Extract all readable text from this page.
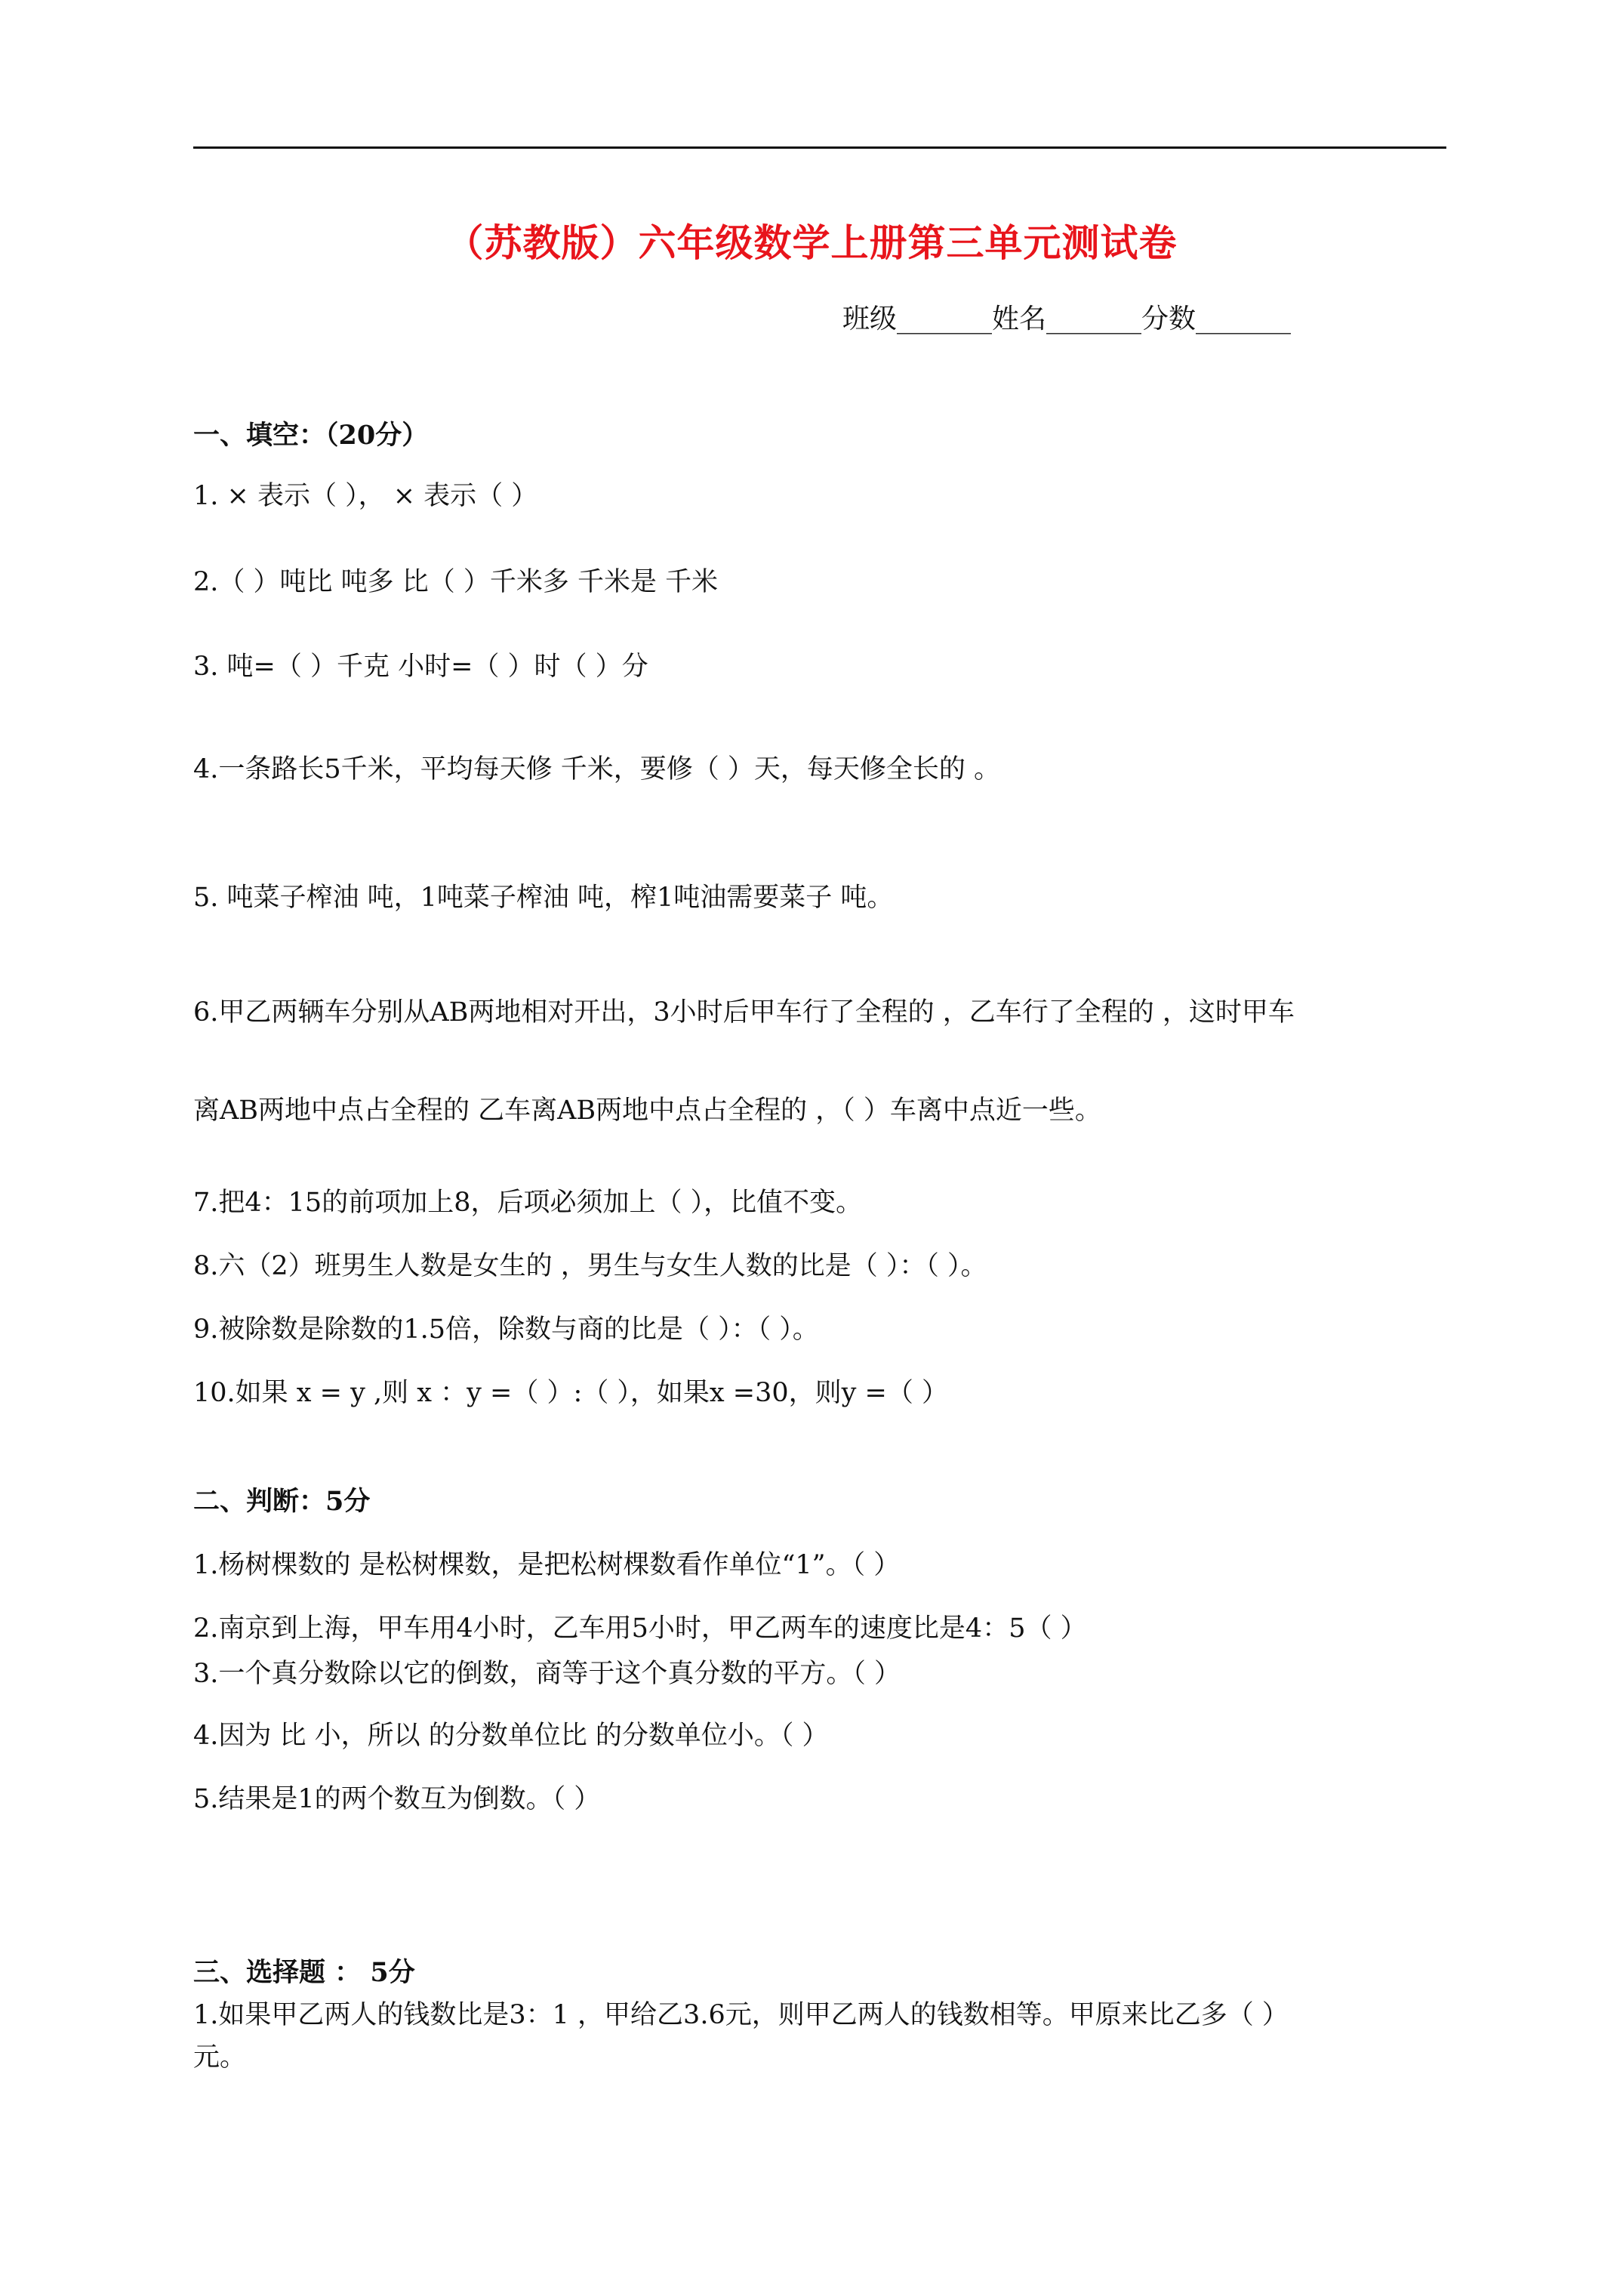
（苏教版）六年级数学上册第三单元测试卷
班级_______姓名_______分数_______
一、填空：（20分）
1. × 表示（ ）， × 表示（ ）
2.（ ）吨比 吨多 比（ ）千米多 千米是 千米
3. 吨=（ ）千克 小时=（ ）时（ ）分
4.一条路长5千米，平均每天修 千米，要修（ ）天，每天修全长的 。
5. 吨菜子榨油 吨，1吨菜子榨油 吨，榨1吨油需要菜子 吨。
6.甲乙两辆车分别从AB两地相对开出，3小时后甲车行了全程的 ，乙车行了全程的 ，这时甲车
离AB两地中点占全程的 乙车离AB两地中点占全程的 ，（ ）车离中点近一些。
7.把4：15的前项加上8，后项必须加上（ ），比值不变。
8.六（2）班男生人数是女生的 ，男生与女生人数的比是（ ）：（ ）。
9.被除数是除数的1.5倍，除数与商的比是（ ）：（ ）。
10.如果 x = y ,则 x ：y =（ ）:（ ），如果x =30，则y =（ ）
二、判断：5分
1.杨树棵数的 是松树棵数，是把松树棵数看作单位“1”。（ ）
2.南京到上海，甲车用4小时，乙车用5小时，甲乙两车的速度比是4：5（ ）
3.一个真分数除以它的倒数，商等于这个真分数的平方。（ ）
4.因为 比 小，所以 的分数单位比 的分数单位小。（ ）
5.结果是1的两个数互为倒数。（ ）
三、选择题 ： 5分
1.如果甲乙两人的钱数比是3：1 ，甲给乙3.6元，则甲乙两人的钱数相等。甲原来比乙多（ ）
元。
